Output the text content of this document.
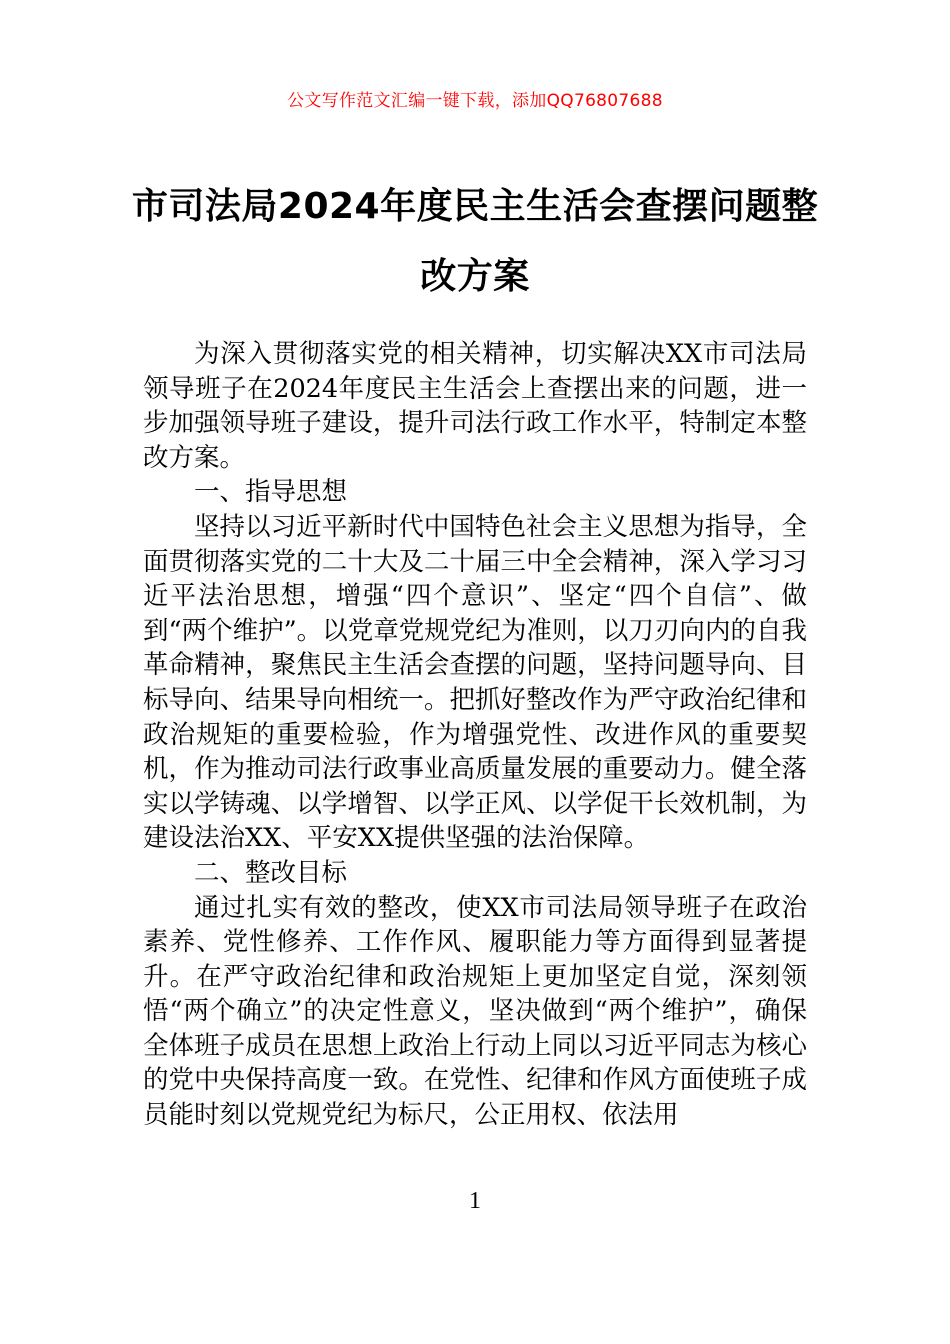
公文写作范文汇编一键下载，添加QQ76807688
市司法局2024年度民主生活会查摆问题整改方案

为深入贯彻落实党的相关精神，切实解决XX市司法局领导班子在2024年度民主生活会上查摆出来的问题，进一步加强领导班子建设，提升司法行政工作水平，特制定本整改方案。

一、指导思想

坚持以习近平新时代中国特色社会主义思想为指导，全面贯彻落实党的二十大及二十届三中全会精神，深入学习习近平法治思想，增强“四个意识”、坚定“四个自信”、做到“两个维护”。以党章党规党纪为准则，以刀刃向内的自我革命精神，聚焦民主生活会查摆的问题，坚持问题导向、目标导向、结果导向相统一。把抓好整改作为严守政治纪律和政治规矩的重要检验，作为增强党性、改进作风的重要契机，作为推动司法行政事业高质量发展的重要动力。健全落实以学铸魂、以学增智、以学正风、以学促干长效机制，为建设法治XX、平安XX提供坚强的法治保障。

二、整改目标

通过扎实有效的整改，使XX市司法局领导班子在政治素养、党性修养、工作作风、履职能力等方面得到显著提升。在严守政治纪律和政治规矩上更加坚定自觉，深刻领悟“两个确立”的决定性意义，坚决做到“两个维护”，确保全体班子成员在思想上政治上行动上同以习近平同志为核心的党中央保持高度一致。在党性、纪律和作风方面使班子成员能时刻以党规党纪为标尺，公正用权、依法用

1
